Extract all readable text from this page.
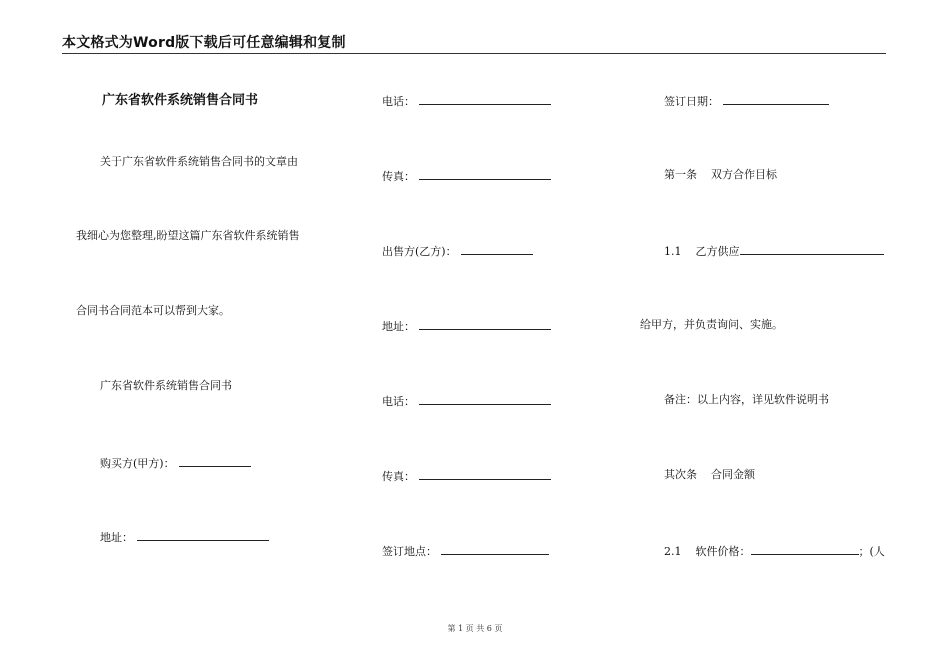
本文格式为Word版下载后可任意编辑和复制
广东省软件系统销售合同书
关于广东省软件系统销售合同书的文章由
我细心为您整理,盼望这篇广东省软件系统销售
合同书合同范本可以帮到大家。
广东省软件系统销售合同书
购买方(甲方)：
地址：
电话：
传真：
出售方(乙方)：
地址：
电话：
传真：
签订地点：
签订日期：
第一条 双方合作目标
1.1 乙方供应
给甲方，并负责询问、实施。
备注：以上内容，详见软件说明书
其次条 合同金额
2.1 软件价格：	；(人
第 1 页 共 6 页
